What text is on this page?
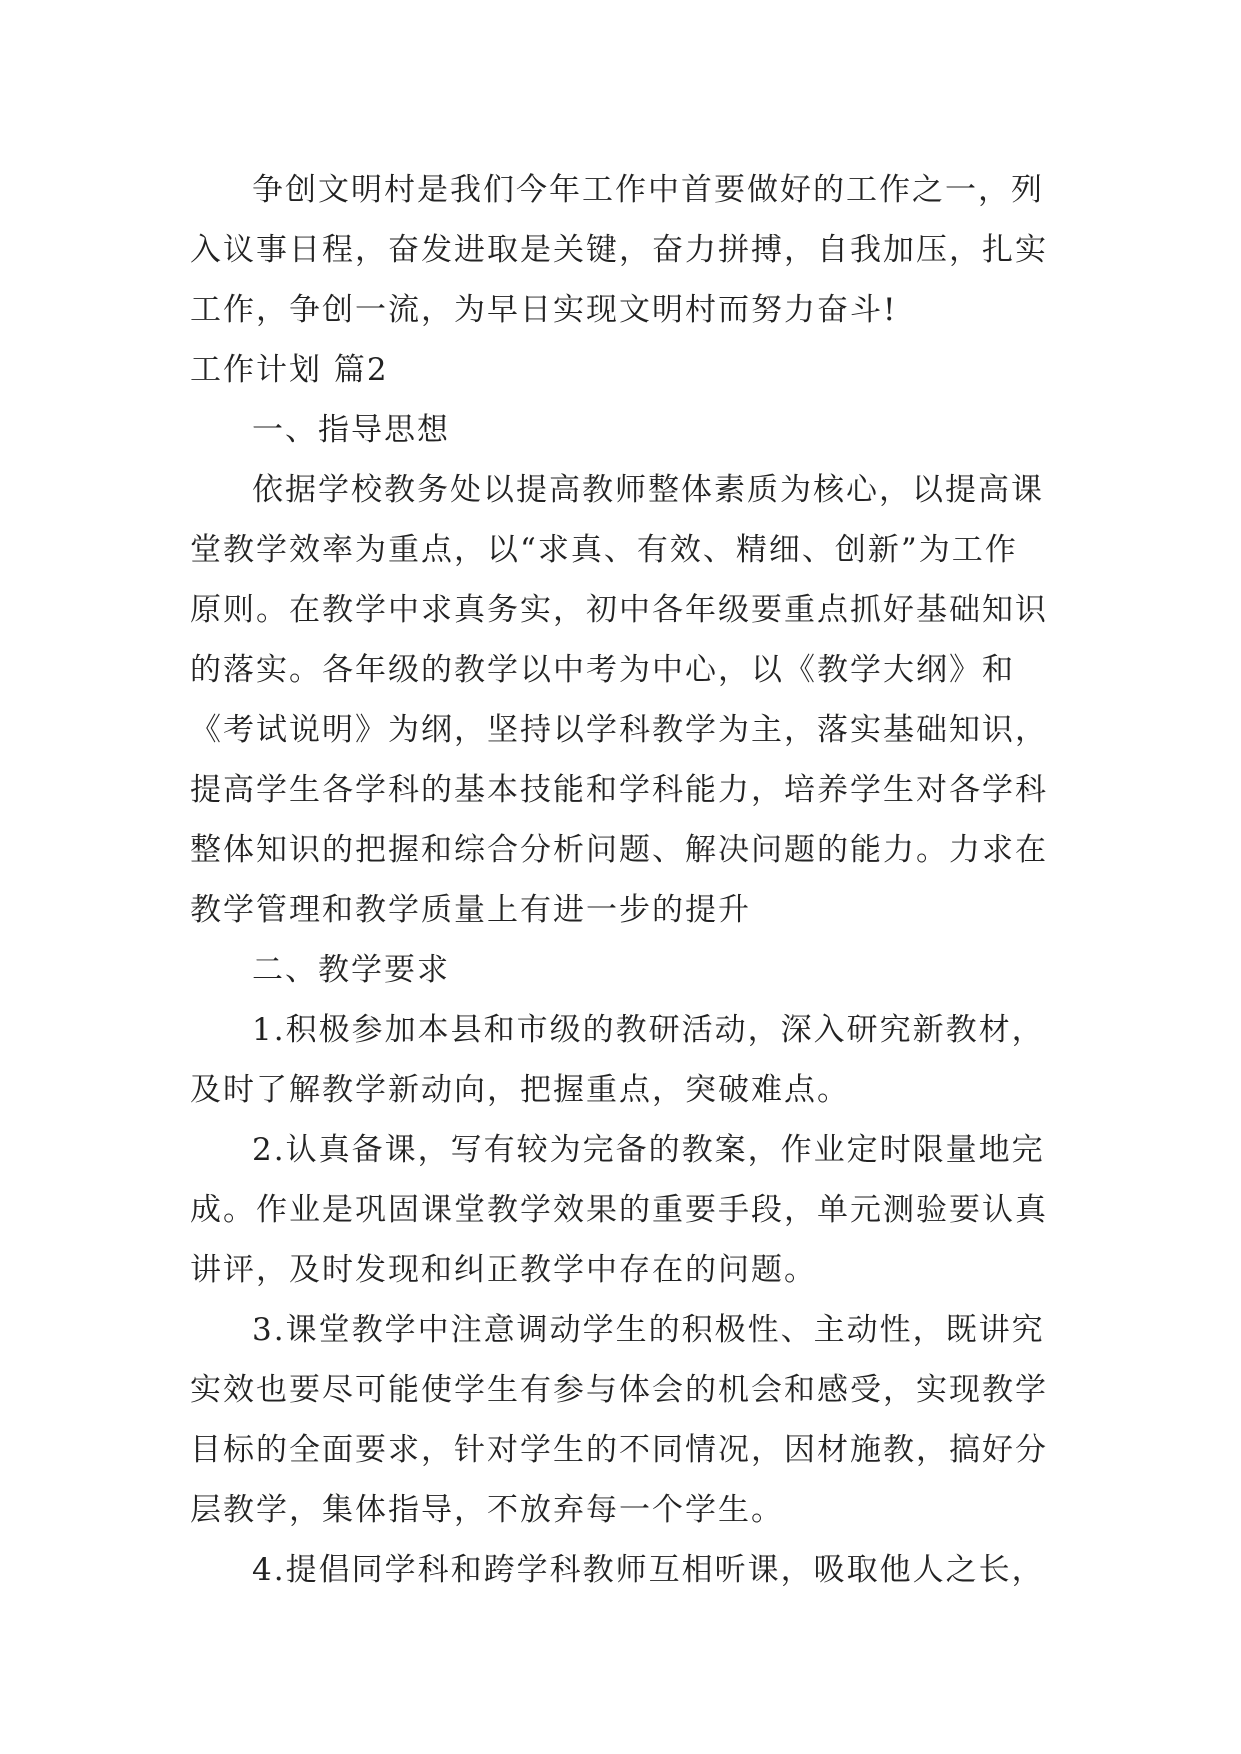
争创文明村是我们今年工作中首要做好的工作之一，列
入议事日程，奋发进取是关键，奋力拼搏，自我加压，扎实
工作，争创一流，为早日实现文明村而努力奋斗!
工作计划 篇2
一、指导思想
依据学校教务处以提高教师整体素质为核心，以提高课
堂教学效率为重点，以“求真、有效、精细、创新”为工作
原则。在教学中求真务实，初中各年级要重点抓好基础知识
的落实。各年级的教学以中考为中心，以《教学大纲》和
《考试说明》为纲，坚持以学科教学为主，落实基础知识，
提高学生各学科的基本技能和学科能力，培养学生对各学科
整体知识的把握和综合分析问题、解决问题的能力。力求在
教学管理和教学质量上有进一步的提升
二、教学要求
1.积极参加本县和市级的教研活动，深入研究新教材，
及时了解教学新动向，把握重点，突破难点。
2.认真备课，写有较为完备的教案，作业定时限量地完
成。作业是巩固课堂教学效果的重要手段，单元测验要认真
讲评，及时发现和纠正教学中存在的问题。
3.课堂教学中注意调动学生的积极性、主动性，既讲究
实效也要尽可能使学生有参与体会的机会和感受，实现教学
目标的全面要求，针对学生的不同情况，因材施教，搞好分
层教学，集体指导，不放弃每一个学生。
4.提倡同学科和跨学科教师互相听课，吸取他人之长，
